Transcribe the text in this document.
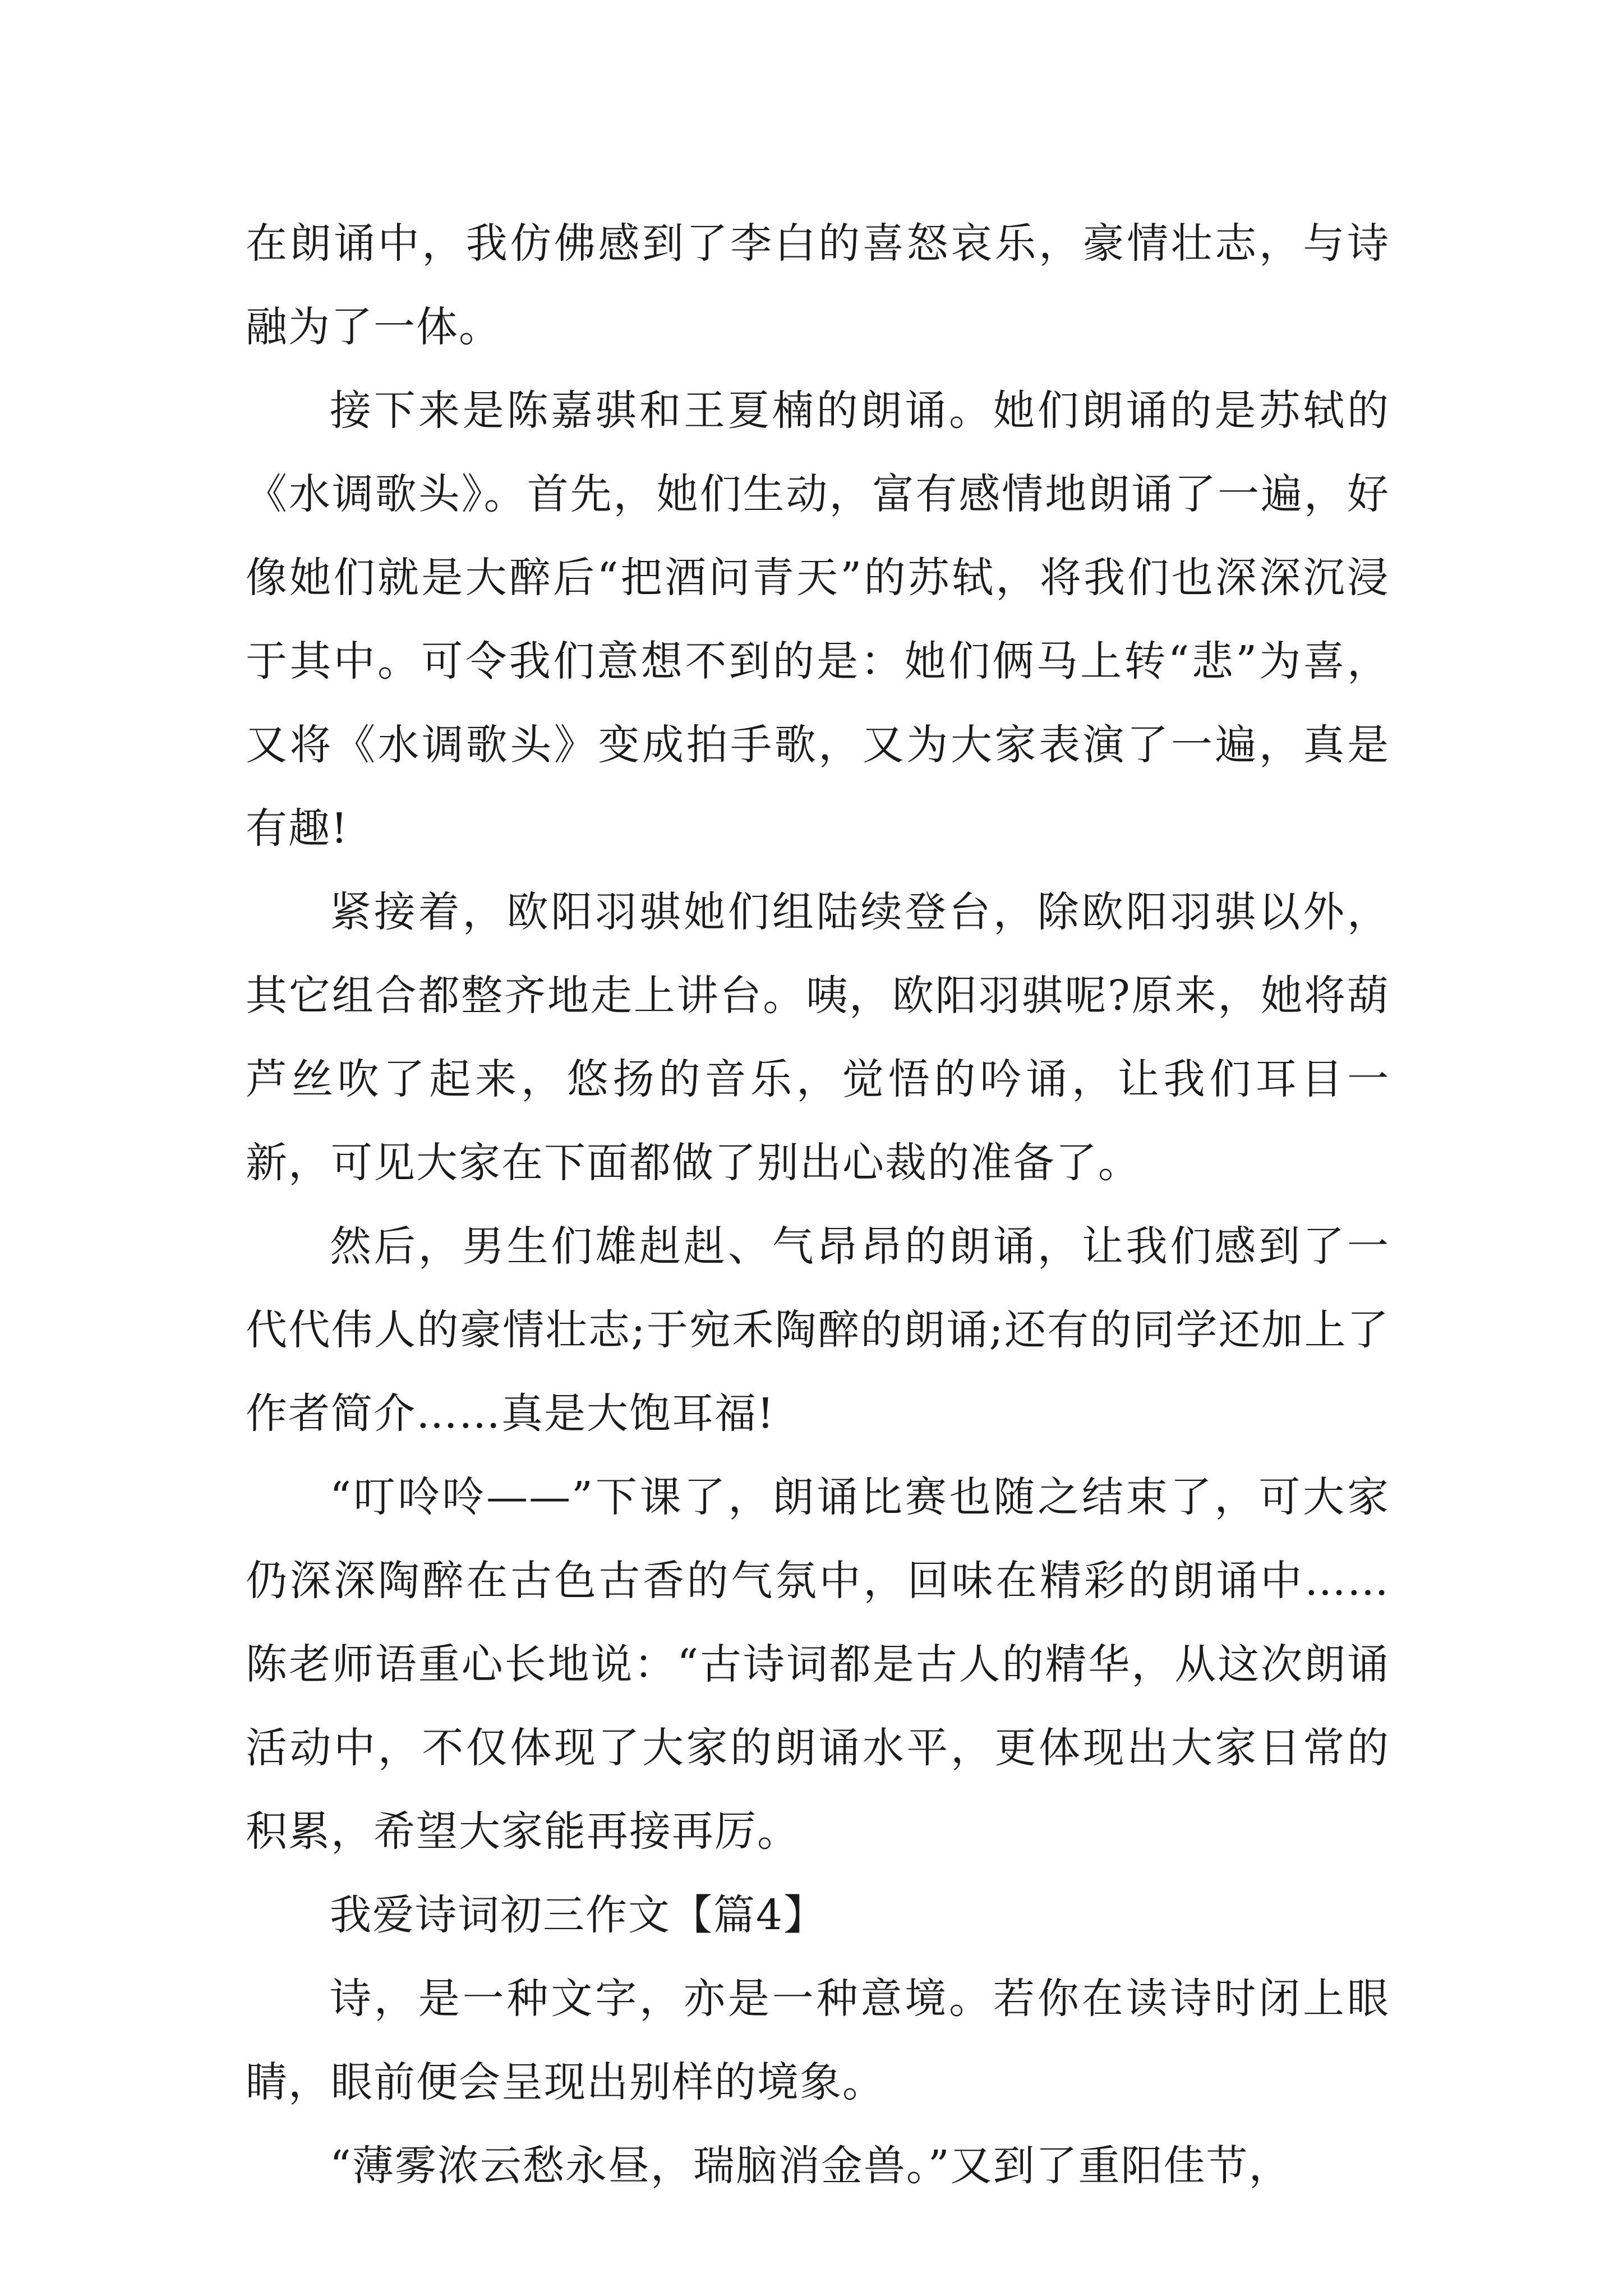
在朗诵中，我仿佛感到了李白的喜怒哀乐，豪情壮志，与诗融为了一体。

接下来是陈嘉骐和王夏楠的朗诵。她们朗诵的是苏轼的《水调歌头》。首先，她们生动，富有感情地朗诵了一遍，好像她们就是大醉后“把酒问青天”的苏轼，将我们也深深沉浸于其中。可令我们意想不到的是：她们俩马上转“悲”为喜，又将《水调歌头》变成拍手歌，又为大家表演了一遍，真是有趣!

紧接着，欧阳羽骐她们组陆续登台，除欧阳羽骐以外，其它组合都整齐地走上讲台。咦，欧阳羽骐呢?原来，她将葫芦丝吹了起来，悠扬的音乐，觉悟的吟诵，让我们耳目一新，可见大家在下面都做了别出心裁的准备了。

然后，男生们雄赳赳、气昂昂的朗诵，让我们感到了一代代伟人的豪情壮志;于宛禾陶醉的朗诵;还有的同学还加上了作者简介……真是大饱耳福!

“叮呤呤——”下课了，朗诵比赛也随之结束了，可大家仍深深陶醉在古色古香的气氛中，回味在精彩的朗诵中……陈老师语重心长地说：“古诗词都是古人的精华，从这次朗诵活动中，不仅体现了大家的朗诵水平，更体现出大家日常的积累，希望大家能再接再厉。

我爱诗词初三作文【篇4】

诗，是一种文字，亦是一种意境。若你在读诗时闭上眼睛，眼前便会呈现出别样的境象。

“薄雾浓云愁永昼，瑞脑消金兽。”又到了重阳佳节，
